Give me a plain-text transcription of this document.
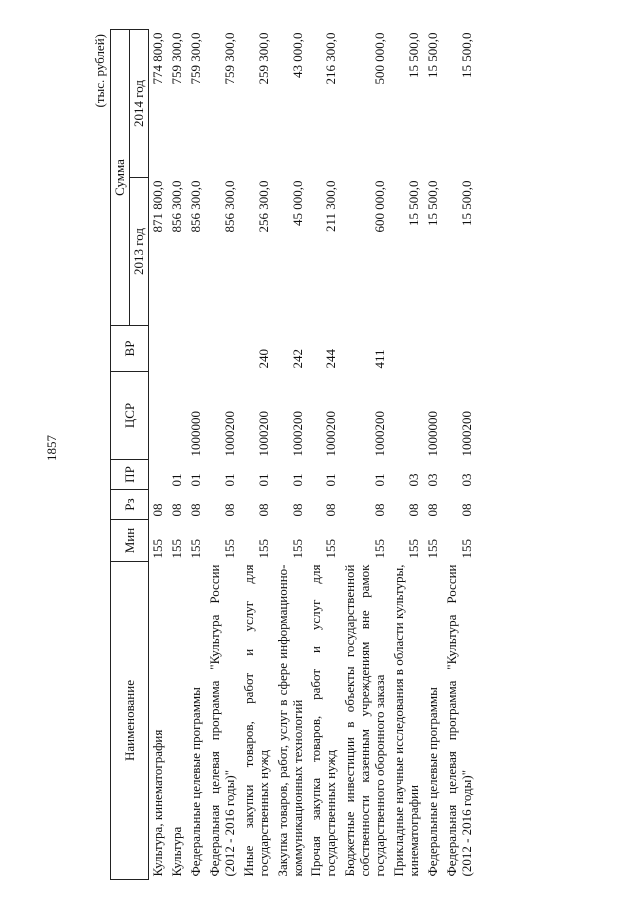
1857
(тыс. рублей)
Наименование	Мин	Рз	ПР	ЦСР	ВР	Сумма	
						2013 год	2014 год
Культура, кинематография	155	08				871 800,0	774 800,0
Культура	155	08	01			856 300,0	759 300,0
Федеральные целевые программы	155	08	01	1000000		856 300,0	759 300,0
Федеральная целевая программа "Культура России (2012 - 2016 годы)"	155	08	01	1000200		856 300,0	759 300,0
Иные закупки товаров, работ и услуг для государственных нужд	155	08	01	1000200	240	256 300,0	259 300,0
Закупка товаров, работ, услуг в сфере информационно-коммуникационных технологий	155	08	01	1000200	242	45 000,0	43 000,0
Прочая закупка товаров, работ и услуг для государственных нужд	155	08	01	1000200	244	211 300,0	216 300,0
Бюджетные инвестиции в объекты государственной собственности казенным учреждениям вне рамок государственного оборонного заказа	155	08	01	1000200	411	600 000,0	500 000,0
Прикладные научные исследования в области культуры, кинематографии	155	08	03			15 500,0	15 500,0
Федеральные целевые программы	155	08	03	1000000		15 500,0	15 500,0
Федеральная целевая программа "Культура России (2012 - 2016 годы)"	155	08	03	1000200		15 500,0	15 500,0
